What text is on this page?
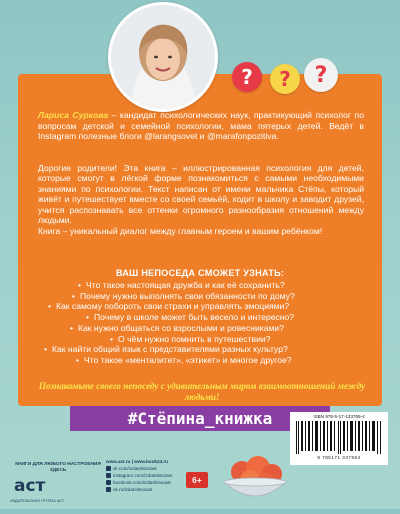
?	?	?
Лариса Суркова – кандидат психологических наук, практикующий психолог по вопросам детской и семейной психологии, мама пятерых детей. Ведёт в Instagram полезные блоги @larangsovet и @marafonpozitiva.

Дорогие родители! Эта книга – иллюстрированная психология для детей, которые смогут в лёгкой форме познакомиться с самыми необходимыми знаниями по психологии. Текст написан от имени мальчика Стёпы, который живёт и путешествует вместе со своей семьёй, ходит в школу и заводит друзей, учится распознавать все оттенки огромного разнообразия отношений между людьми.

Книга – уникальный диалог между главным героем и вашим ребёнком!

ВАШ НЕПОСЕДА СМОЖЕТ УЗНАТЬ:
• Что такое настоящая дружба и как её сохранить?
• Почему нужно выполнять свои обязанности по дому?
• Как самому побороть свои страхи и управлять эмоциями?
• Почему в школе может быть весело и интересно?
• Как нужно общаться со взрослыми и ровесниками?
• О чём нужно помнить в путешествии?
• Как найти общий язык с представителями разных культур?
• Что такое «менталитет», «этикет» и многое другое?
Познакомьте своего непоседу с удивительным миром взаимоотношений между людьми!
#Стёпина_книжка
КНИГИ ДЛЯ ЛЮБОГО НАСТРОЕНИЯ ЗДЕСЬ
аст
ИЗДАТЕЛЬСКАЯ ГРУППА АСТ
www.ast.ru | www.book24.ru
vk.com/izdatelstvoast
instagram.com/izdatelstvoast
facebook.com/izdatelstvoast
ok.ru/izdatelstvoast
6+
ISBN 978-5-17-133769-4
9 785171 337694
